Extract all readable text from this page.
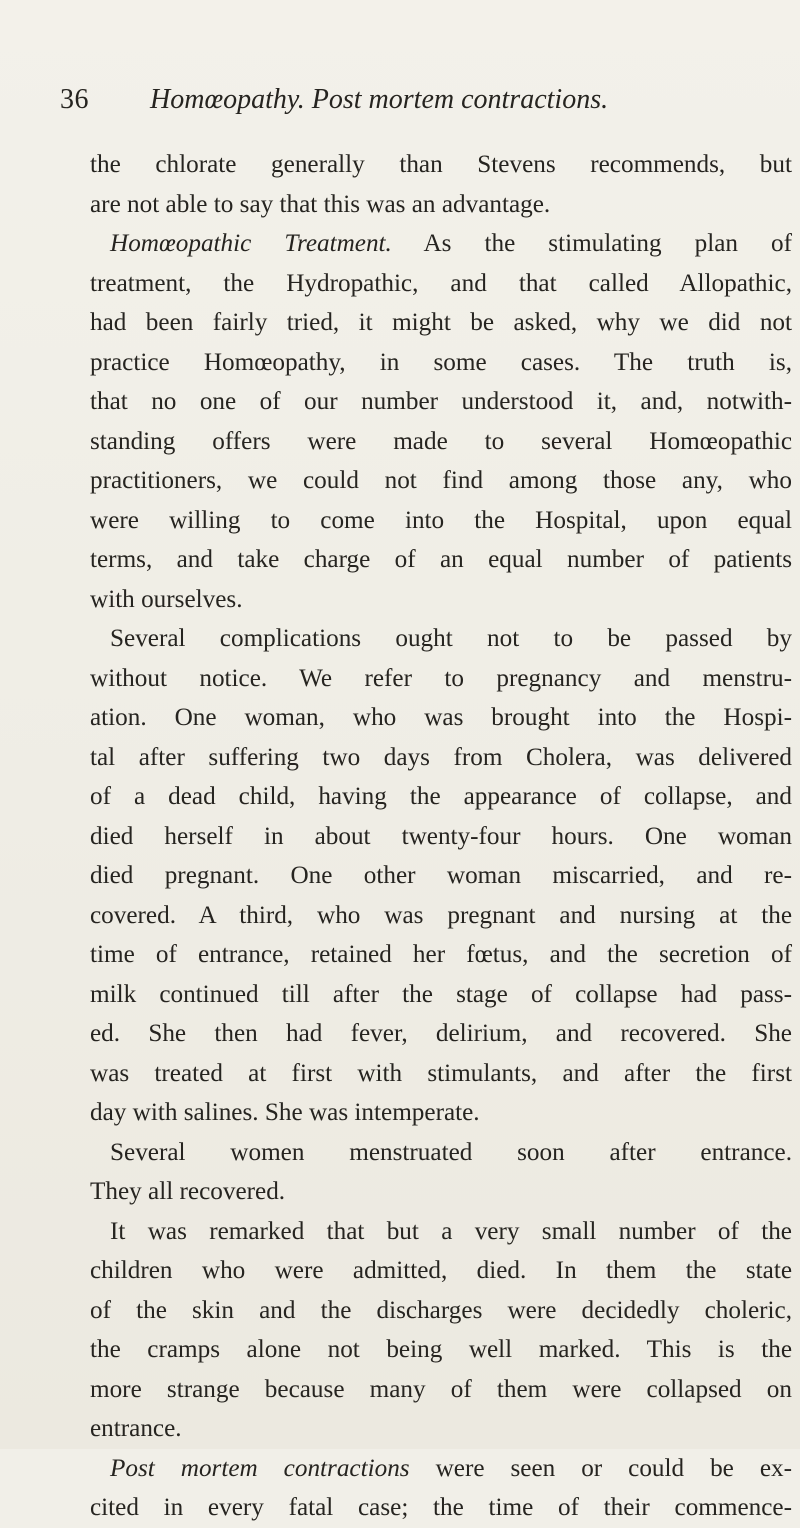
36 Homœopathy. Post mortem contractions.
the chlorate generally than Stevens recommends, but
are not able to say that this was an advantage.
Homœopathic Treatment. As the stimulating plan of
treatment, the Hydropathic, and that called Allopathic,
had been fairly tried, it might be asked, why we did not
practice Homœopathy, in some cases. The truth is,
that no one of our number understood it, and, notwith-
standing offers were made to several Homœopathic
practitioners, we could not find among those any, who
were willing to come into the Hospital, upon equal
terms, and take charge of an equal number of patients
with ourselves.
Several complications ought not to be passed by
without notice. We refer to pregnancy and menstru-
ation. One woman, who was brought into the Hospi-
tal after suffering two days from Cholera, was delivered
of a dead child, having the appearance of collapse, and
died herself in about twenty-four hours. One woman
died pregnant. One other woman miscarried, and re-
covered. A third, who was pregnant and nursing at the
time of entrance, retained her fœtus, and the secretion of
milk continued till after the stage of collapse had pass-
ed. She then had fever, delirium, and recovered. She
was treated at first with stimulants, and after the first
day with salines. She was intemperate.
Several women menstruated soon after entrance.
They all recovered.
It was remarked that but a very small number of the
children who were admitted, died. In them the state
of the skin and the discharges were decidedly choleric,
the cramps alone not being well marked. This is the
more strange because many of them were collapsed on
entrance.
Post mortem contractions were seen or could be ex-
cited in every fatal case; the time of their commence-
